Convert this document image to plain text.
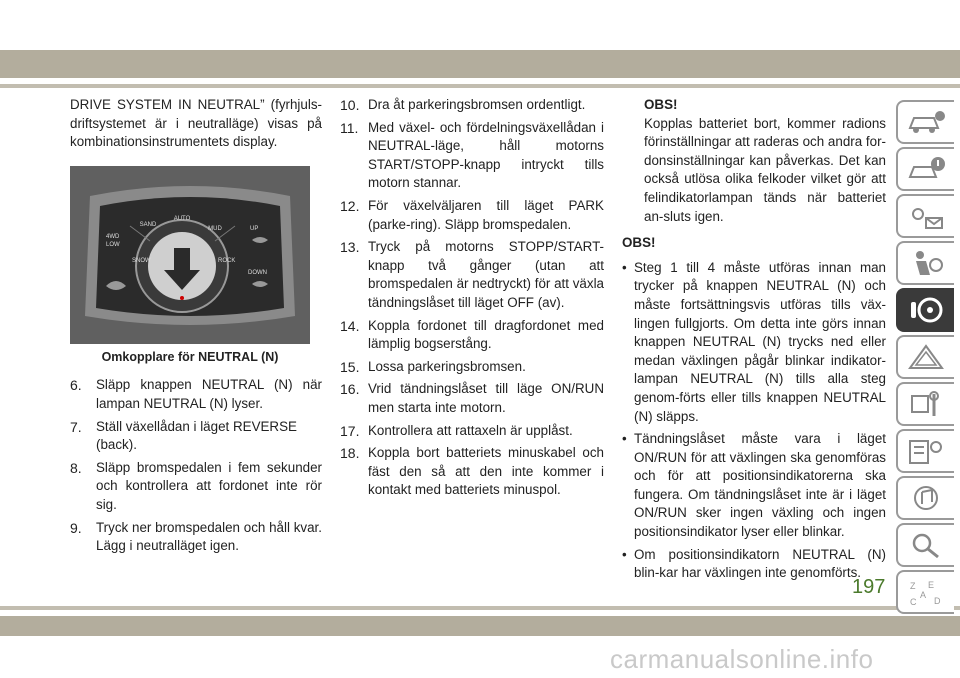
DRIVE SYSTEM IN NEUTRAL” (fyrhjuls-driftsystemet är i neutralläge) visas på kombinationsinstrumentets display.

AUTO
SAND
MUD
4WD
LOW
SNOW	ROCK
UP
DOWN
Omkopplare för NEUTRAL (N)
6.	Släpp knappen NEUTRAL (N) när lampan NEUTRAL (N) lyser.
7.	Ställ växellådan i läget REVERSE (back).
8.	Släpp bromspedalen i fem sekunder och kontrollera att fordonet inte rör sig.
9.	Tryck ner bromspedalen och håll kvar. Lägg i neutralläget igen.
10. Dra åt parkeringsbromsen ordentligt.
11. Med växel- och fördelningsväxellådan i NEUTRAL-läge, håll motorns START/STOPP-knapp intryckt tills motorn stannar.
12. För växelväljaren till läget PARK (parke-ring). Släpp bromspedalen.
13. Tryck på motorns STOPP/START-knapp två gånger (utan att bromspedalen är nedtryckt) för att växla tändningslåset till läget OFF (av).
14. Koppla fordonet till dragfordonet med lämplig bogserstång.
15. Lossa parkeringsbromsen.
16. Vrid tändningslåset till läge ON/RUN men starta inte motorn.
17. Kontrollera att rattaxeln är upplåst.
18. Koppla bort batteriets minuskabel och fäst den så att den inte kommer i kontakt med batteriets minuspol.

OBS!

Kopplas batteriet bort, kommer radions förinställningar att raderas och andra for-donsinställningar kan påverkas. Det kan också utlösa olika felkoder vilket gör att felindikatorlampan tänds när batteriet an-sluts igen.

OBS!

• Steg 1 till 4 måste utföras innan man trycker på knappen NEUTRAL (N) och måste fortsättningsvis utföras tills väx-lingen fullgjorts. Om detta inte görs innan knappen NEUTRAL (N) trycks ned eller medan växlingen pågår blinkar indikator-lampan NEUTRAL (N) tills alla steg genom-förts eller tills knappen NEUTRAL (N) släpps.
• Tändningslåset måste vara i läget ON/RUN för att växlingen ska genomföras och för att positionsindikatorerna ska fungera. Om tändningslåset inte är i läget ON/RUN sker ingen växling och ingen positionsindikator lyser eller blinkar.
• Om positionsindikatorn NEUTRAL (N) blin-kar har växlingen inte genomförts.
Z E
A
C D
197
carmanualsonline.info
